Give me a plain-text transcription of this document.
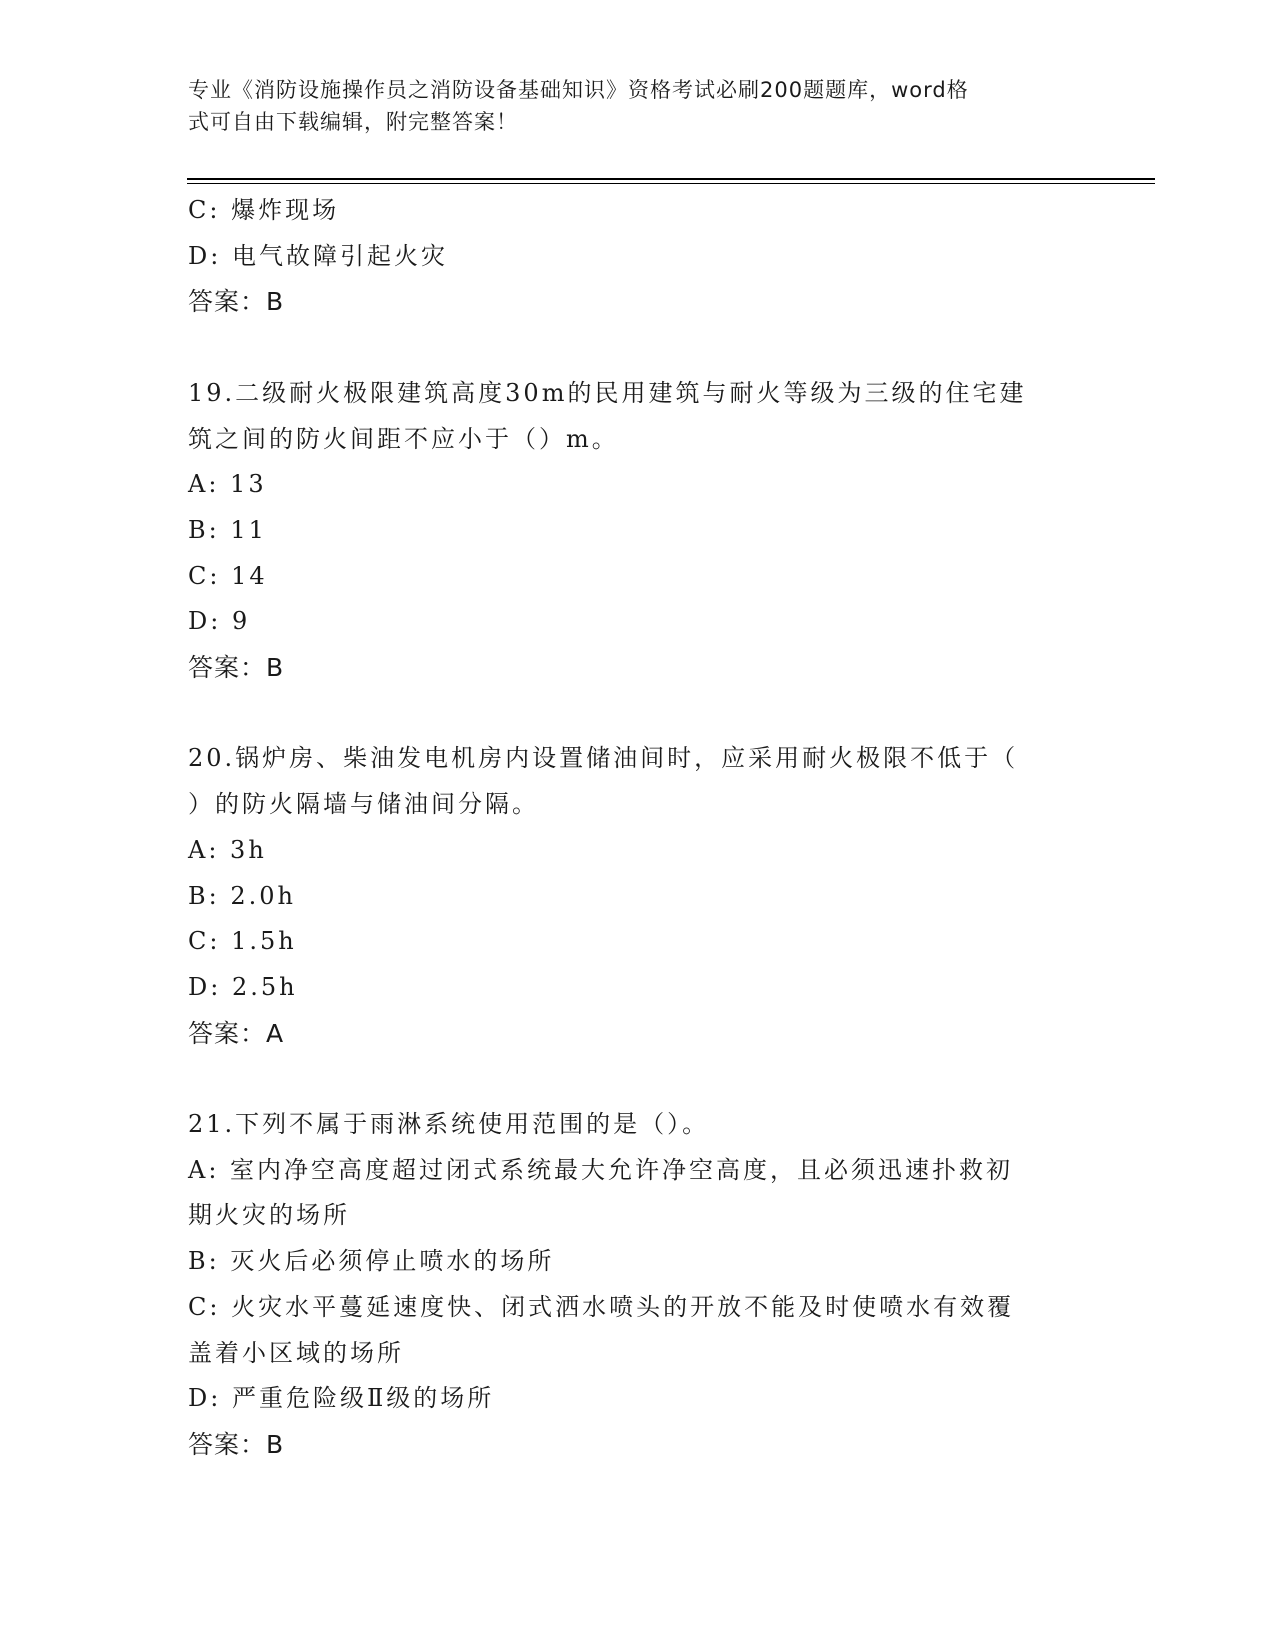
专业《消防设施操作员之消防设备基础知识》资格考试必刷200题题库，word格
式可自由下载编辑，附完整答案！
C: 爆炸现场
D: 电气故障引起火灾
答案：B
19.二级耐火极限建筑高度30m的民用建筑与耐火等级为三级的住宅建
筑之间的防火间距不应小于（）m。
A: 13
B: 11
C: 14
D: 9
答案：B
20.锅炉房、柴油发电机房内设置储油间时，应采用耐火极限不低于（
）的防火隔墙与储油间分隔。
A: 3h
B: 2.0h
C: 1.5h
D: 2.5h
答案：A
21.下列不属于雨淋系统使用范围的是（）。
A: 室内净空高度超过闭式系统最大允许净空高度，且必须迅速扑救初
期火灾的场所
B: 灭火后必须停止喷水的场所
C: 火灾水平蔓延速度快、闭式洒水喷头的开放不能及时使喷水有效覆
盖着小区域的场所
D: 严重危险级Ⅱ级的场所
答案：B
